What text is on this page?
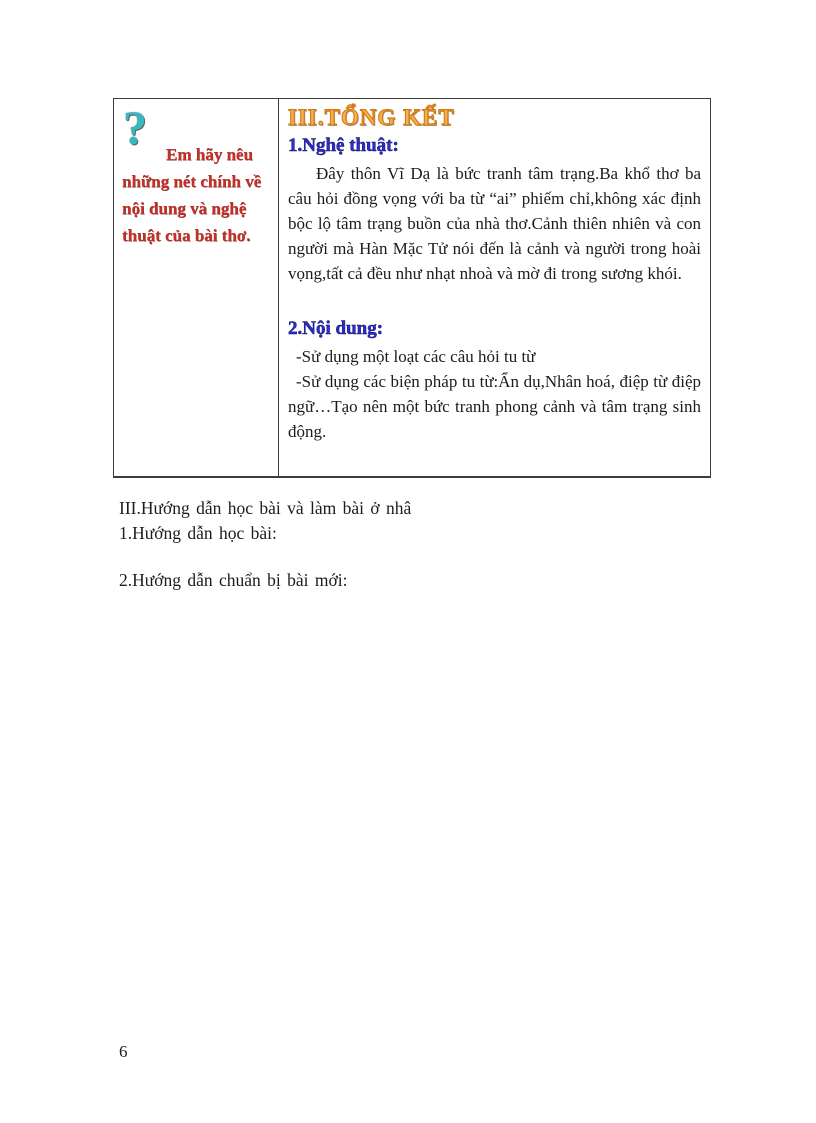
?	Em hãy nêu những nét chính về nội dung và nghệ thuật của bài thơ.
III.TỔNG KẾT
1.Nghệ thuật:
Đây thôn Vĩ Dạ là bức tranh tâm trạng.Ba khổ thơ ba câu hỏi đồng vọng với ba từ “ai” phiếm chỉ,không xác định bộc lộ tâm trạng buồn của nhà thơ.Cảnh thiên nhiên và con người mà Hàn Mặc Tử nói đến là cảnh và người trong hoài vọng,tất cả đều như nhạt nhoà và mờ đi trong sương khói.
2.Nội dung:
-Sử dụng một loạt các câu hỏi tu từ
-Sử dụng các biện pháp tu từ:Ẩn dụ,Nhân hoá, điệp từ điệp ngữ…Tạo nên một bức tranh phong cảnh và tâm trạng sinh động.
III.Hướng dẫn học bài và làm bài ở nhâ
1.Hướng dẫn học bài:
2.Hướng dẫn chuẩn bị bài mới:
6
